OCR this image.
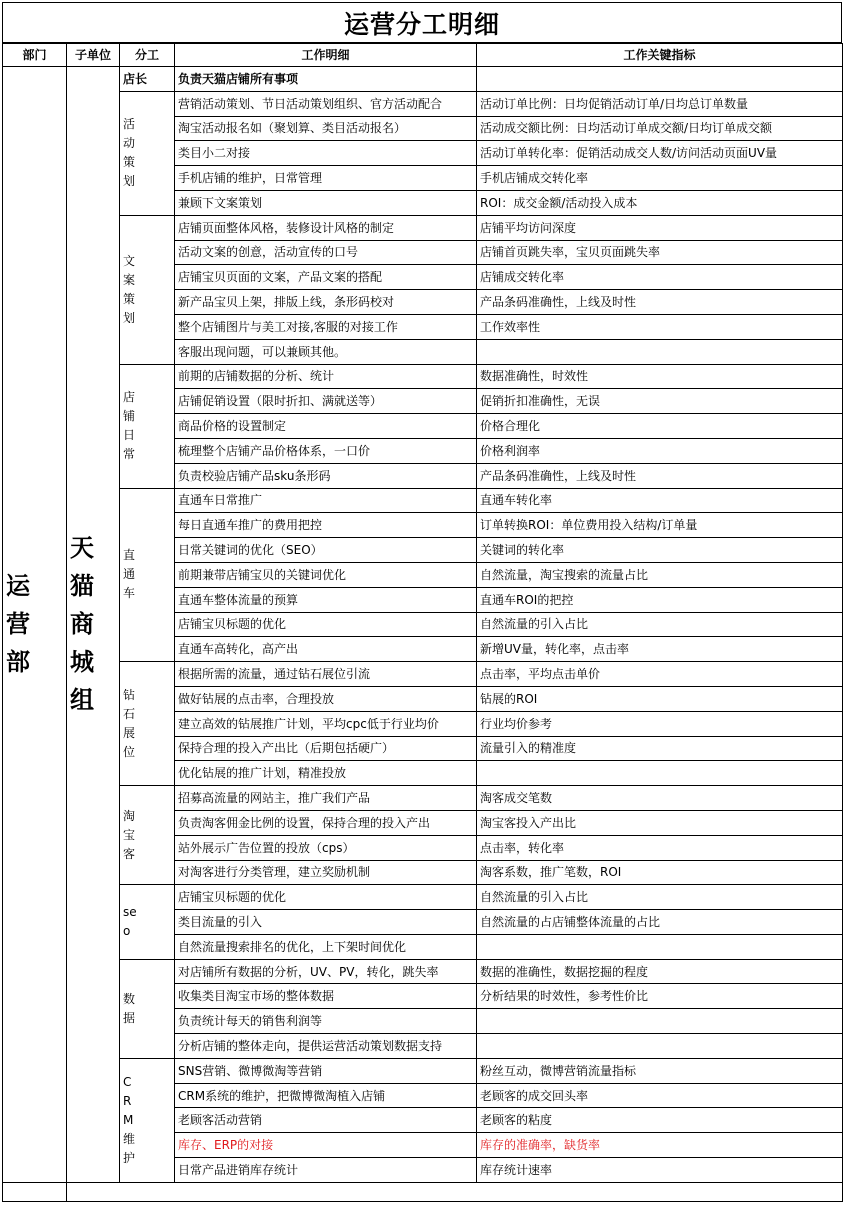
运营分工明细
部门	子单位	分工	工作明细	工作关键指标
运营部	天猫商城组	店长	负责天猫店铺所有事项	
		活动策划	营销活动策划、节日活动策划组织、官方活动配合	活动订单比例：日均促销活动订单/日均总订单数量
			淘宝活动报名如（聚划算、类目活动报名）	活动成交额比例：日均活动订单成交额/日均订单成交额
			类目小二对接	活动订单转化率：促销活动成交人数/访问活动页面UV量
			手机店铺的维护，日常管理	手机店铺成交转化率
			兼顾下文案策划	ROI：成交金额/活动投入成本
		文案策划	店铺页面整体风格，装修设计风格的制定	店铺平均访问深度
			活动文案的创意，活动宣传的口号	店铺首页跳失率，宝贝页面跳失率
			店铺宝贝页面的文案，产品文案的搭配	店铺成交转化率
			新产品宝贝上架，排版上线，条形码校对	产品条码准确性，上线及时性
			整个店铺图片与美工对接,客服的对接工作	工作效率性
			客服出现问题，可以兼顾其他。	
		店铺日常	前期的店铺数据的分析、统计	数据准确性，时效性
			店铺促销设置（限时折扣、满就送等）	促销折扣准确性，无误
			商品价格的设置制定	价格合理化
			梳理整个店铺产品价格体系，一口价	价格利润率
			负责校验店铺产品sku条形码	产品条码准确性，上线及时性
		直通车	直通车日常推广	直通车转化率
			每日直通车推广的费用把控	订单转换ROI：单位费用投入结构/订单量
			日常关键词的优化（SEO）	关键词的转化率
			前期兼带店铺宝贝的关键词优化	自然流量，淘宝搜索的流量占比
			直通车整体流量的预算	直通车ROI的把控
			店铺宝贝标题的优化	自然流量的引入占比
			直通车高转化，高产出	新增UV量，转化率，点击率
		钻石展位	根据所需的流量，通过钻石展位引流	点击率，平均点击单价
			做好钻展的点击率，合理投放	钻展的ROI
			建立高效的钻展推广计划，平均cpc低于行业均价	行业均价参考
			保持合理的投入产出比（后期包括硬广）	流量引入的精准度
			优化钻展的推广计划，精准投放	
		淘宝客	招募高流量的网站主，推广我们产品	淘客成交笔数
			负责淘客佣金比例的设置，保持合理的投入产出	淘宝客投入产出比
			站外展示广告位置的投放（cps）	点击率，转化率
			对淘客进行分类管理，建立奖励机制	淘客系数，推广笔数，ROI
		seo	店铺宝贝标题的优化	自然流量的引入占比
			类目流量的引入	自然流量的占店铺整体流量的占比
			自然流量搜索排名的优化，上下架时间优化	
		数据	对店铺所有数据的分析，UV、PV，转化，跳失率	数据的准确性，数据挖掘的程度
			收集类目淘宝市场的整体数据	分析结果的时效性，参考性价比
			负责统计每天的销售利润等	
			分析店铺的整体走向，提供运营活动策划数据支持	
		CRM维护	SNS营销、微博微淘等营销	粉丝互动，微博营销流量指标
			CRM系统的维护，把微博微淘植入店铺	老顾客的成交回头率
			老顾客活动营销	老顾客的粘度
			库存、ERP的对接	库存的准确率，缺货率
			日常产品进销库存统计	库存统计速率
